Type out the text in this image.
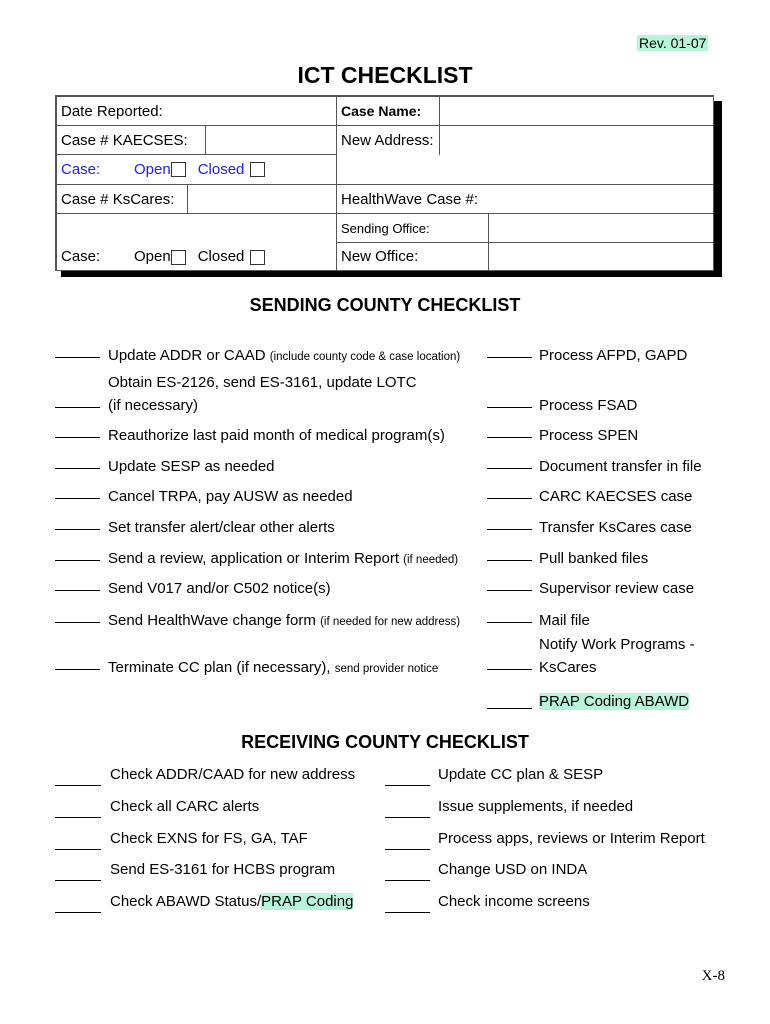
Rev. 01-07
ICT CHECKLIST
Date Reported:	Case Name:
Case # KAECSES:	New Address:
Case:	Open Closed
Case # KsCares:	HealthWave Case #:
Case:	Open Closed
Sending Office:
New Office:
SENDING COUNTY CHECKLIST
RECEIVING COUNTY CHECKLIST
X-8
Update ADDR or CAAD (include county code & case location)
Obtain ES-2126, send ES-3161, update LOTC
(if necessary)
Reauthorize last paid month of medical program(s)
Update SESP as needed
Cancel TRPA, pay AUSW as needed
Set transfer alert/clear other alerts
Send a review, application or Interim Report (if needed)
Send V017 and/or C502 notice(s)
Send HealthWave change form (if needed for new address)
Terminate CC plan (if necessary), send provider notice
Process AFPD, GAPD
Process FSAD
Process SPEN
Document transfer in file
CARC KAECSES case
Transfer KsCares case
Pull banked files
Supervisor review case
Mail file
Notify Work Programs -
KsCares
PRAP Coding ABAWD
Check ADDR/CAAD for new address
Check all CARC alerts
Check EXNS for FS, GA, TAF
Send ES-3161 for HCBS program
Check ABAWD Status/PRAP Coding
Update CC plan & SESP
Issue supplements, if needed
Process apps, reviews or Interim Report
Change USD on INDA
Check income screens
